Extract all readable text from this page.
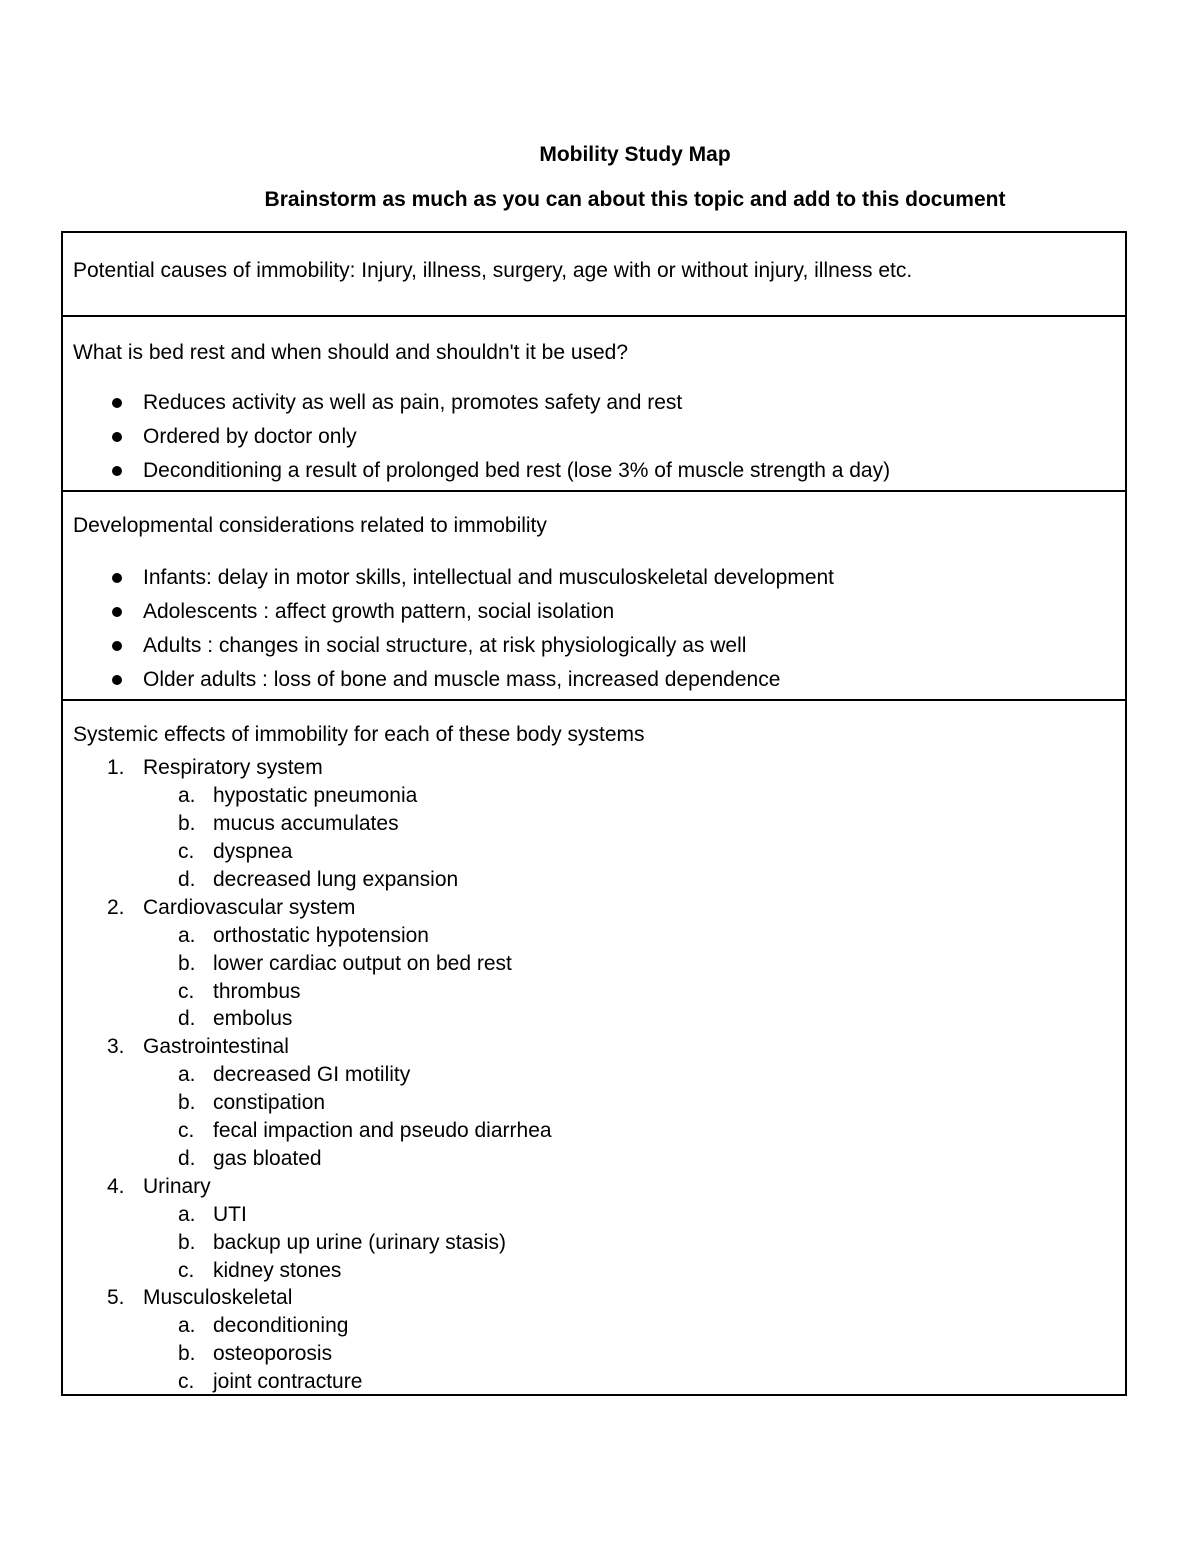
Mobility Study Map
Brainstorm as much as you can about this topic and add to this document
Potential causes of immobility: Injury, illness, surgery, age with or without injury, illness etc.
What is bed rest and when should and shouldn't it be used?
Reduces activity as well as pain, promotes safety and rest
Ordered by doctor only
Deconditioning a result of prolonged bed rest (lose 3% of muscle strength a day)
Developmental considerations related to immobility
Infants: delay in motor skills, intellectual and musculoskeletal development
Adolescents : affect growth pattern, social isolation
Adults : changes in social structure, at risk physiologically as well
Older adults : loss of bone and muscle mass, increased dependence
Systemic effects of immobility for each of these body systems
1. Respiratory system
a. hypostatic pneumonia
b. mucus accumulates
c. dyspnea
d. decreased lung expansion
2. Cardiovascular system
a. orthostatic hypotension
b. lower cardiac output on bed rest
c. thrombus
d. embolus
3. Gastrointestinal
a. decreased GI motility
b. constipation
c. fecal impaction and pseudo diarrhea
d. gas bloated
4. Urinary
a. UTI
b. backup up urine (urinary stasis)
c. kidney stones
5. Musculoskeletal
a. deconditioning
b. osteoporosis
c. joint contracture
